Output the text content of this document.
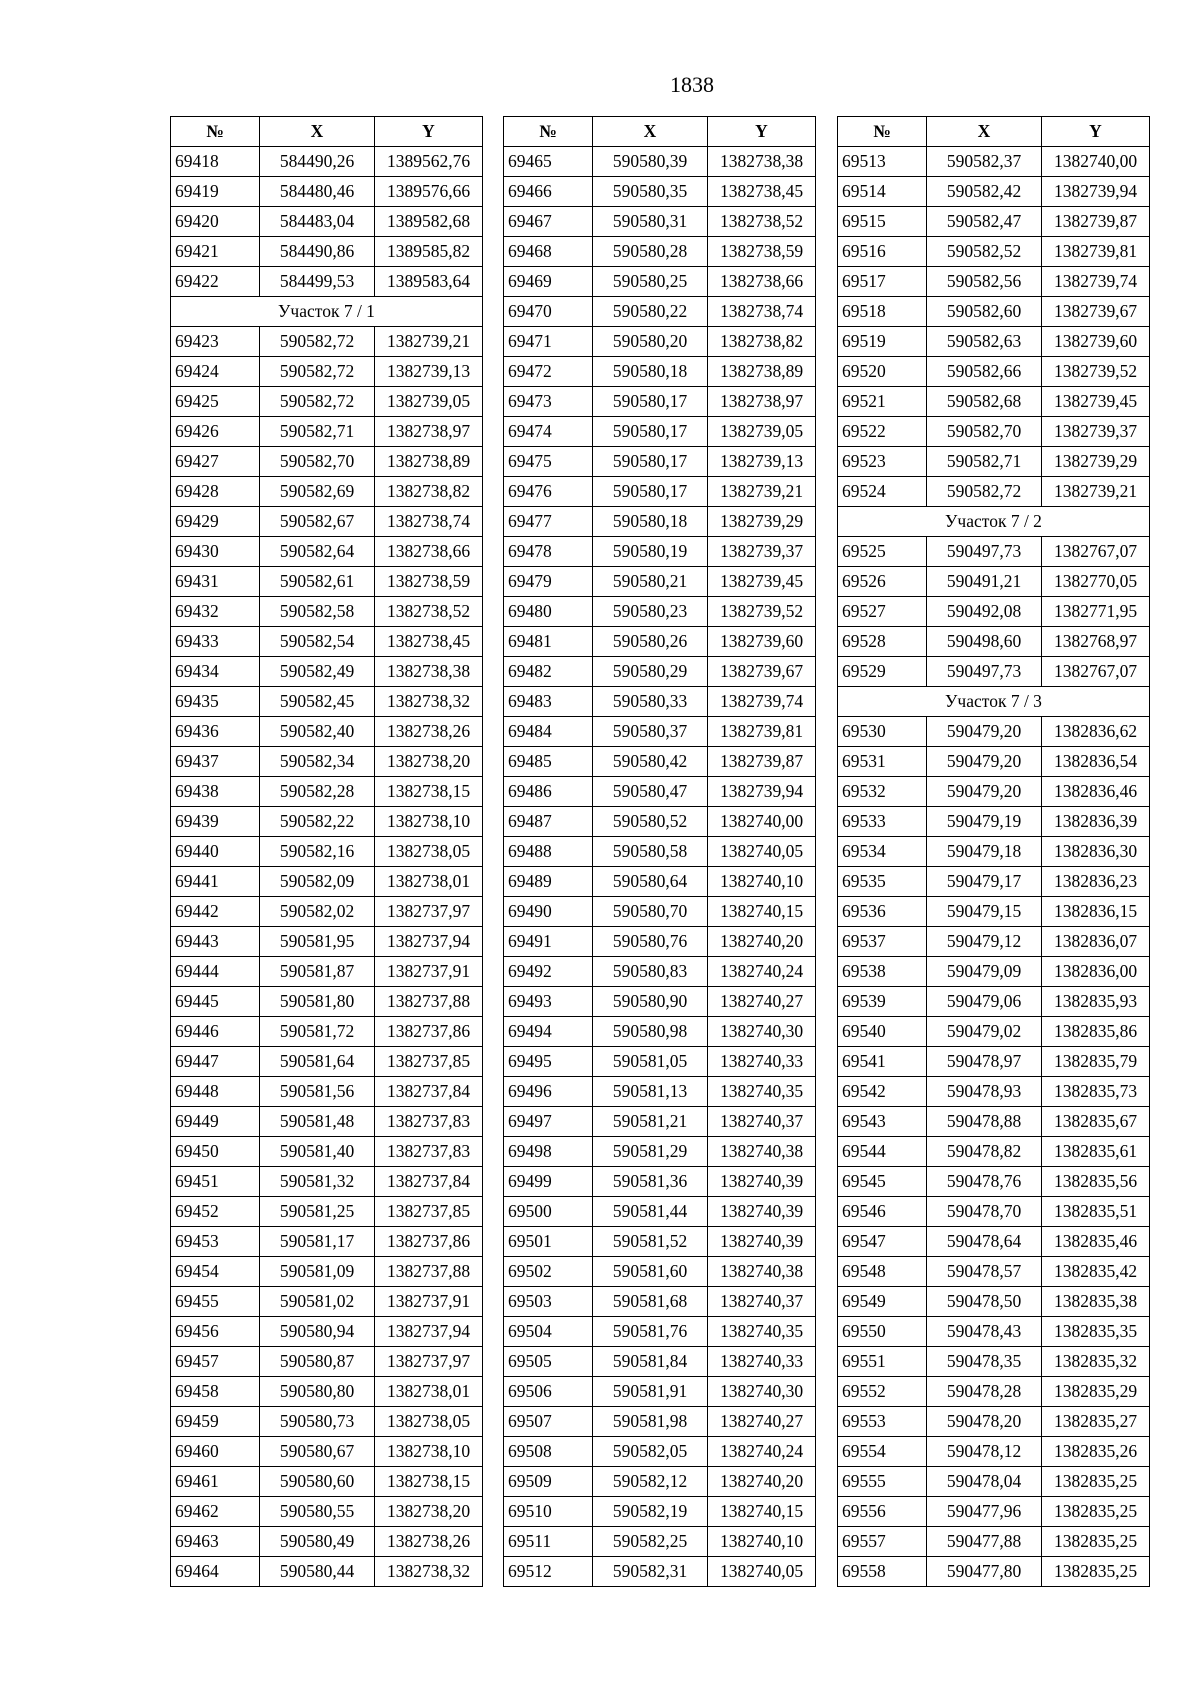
1838
№	X	Y
69418	584490,26	1389562,76
69419	584480,46	1389576,66
69420	584483,04	1389582,68
69421	584490,86	1389585,82
69422	584499,53	1389583,64
Участок 7 / 1		
69423	590582,72	1382739,21
69424	590582,72	1382739,13
69425	590582,72	1382739,05
69426	590582,71	1382738,97
69427	590582,70	1382738,89
69428	590582,69	1382738,82
69429	590582,67	1382738,74
69430	590582,64	1382738,66
69431	590582,61	1382738,59
69432	590582,58	1382738,52
69433	590582,54	1382738,45
69434	590582,49	1382738,38
69435	590582,45	1382738,32
69436	590582,40	1382738,26
69437	590582,34	1382738,20
69438	590582,28	1382738,15
69439	590582,22	1382738,10
69440	590582,16	1382738,05
69441	590582,09	1382738,01
69442	590582,02	1382737,97
69443	590581,95	1382737,94
69444	590581,87	1382737,91
69445	590581,80	1382737,88
69446	590581,72	1382737,86
69447	590581,64	1382737,85
69448	590581,56	1382737,84
69449	590581,48	1382737,83
69450	590581,40	1382737,83
69451	590581,32	1382737,84
69452	590581,25	1382737,85
69453	590581,17	1382737,86
69454	590581,09	1382737,88
69455	590581,02	1382737,91
69456	590580,94	1382737,94
69457	590580,87	1382737,97
69458	590580,80	1382738,01
69459	590580,73	1382738,05
69460	590580,67	1382738,10
69461	590580,60	1382738,15
69462	590580,55	1382738,20
69463	590580,49	1382738,26
69464	590580,44	1382738,32
№	X	Y
69465	590580,39	1382738,38
69466	590580,35	1382738,45
69467	590580,31	1382738,52
69468	590580,28	1382738,59
69469	590580,25	1382738,66
69470	590580,22	1382738,74
69471	590580,20	1382738,82
69472	590580,18	1382738,89
69473	590580,17	1382738,97
69474	590580,17	1382739,05
69475	590580,17	1382739,13
69476	590580,17	1382739,21
69477	590580,18	1382739,29
69478	590580,19	1382739,37
69479	590580,21	1382739,45
69480	590580,23	1382739,52
69481	590580,26	1382739,60
69482	590580,29	1382739,67
69483	590580,33	1382739,74
69484	590580,37	1382739,81
69485	590580,42	1382739,87
69486	590580,47	1382739,94
69487	590580,52	1382740,00
69488	590580,58	1382740,05
69489	590580,64	1382740,10
69490	590580,70	1382740,15
69491	590580,76	1382740,20
69492	590580,83	1382740,24
69493	590580,90	1382740,27
69494	590580,98	1382740,30
69495	590581,05	1382740,33
69496	590581,13	1382740,35
69497	590581,21	1382740,37
69498	590581,29	1382740,38
69499	590581,36	1382740,39
69500	590581,44	1382740,39
69501	590581,52	1382740,39
69502	590581,60	1382740,38
69503	590581,68	1382740,37
69504	590581,76	1382740,35
69505	590581,84	1382740,33
69506	590581,91	1382740,30
69507	590581,98	1382740,27
69508	590582,05	1382740,24
69509	590582,12	1382740,20
69510	590582,19	1382740,15
69511	590582,25	1382740,10
69512	590582,31	1382740,05
№	X	Y
69513	590582,37	1382740,00
69514	590582,42	1382739,94
69515	590582,47	1382739,87
69516	590582,52	1382739,81
69517	590582,56	1382739,74
69518	590582,60	1382739,67
69519	590582,63	1382739,60
69520	590582,66	1382739,52
69521	590582,68	1382739,45
69522	590582,70	1382739,37
69523	590582,71	1382739,29
69524	590582,72	1382739,21
Участок 7 / 2		
69525	590497,73	1382767,07
69526	590491,21	1382770,05
69527	590492,08	1382771,95
69528	590498,60	1382768,97
69529	590497,73	1382767,07
Участок 7 / 3		
69530	590479,20	1382836,62
69531	590479,20	1382836,54
69532	590479,20	1382836,46
69533	590479,19	1382836,39
69534	590479,18	1382836,30
69535	590479,17	1382836,23
69536	590479,15	1382836,15
69537	590479,12	1382836,07
69538	590479,09	1382836,00
69539	590479,06	1382835,93
69540	590479,02	1382835,86
69541	590478,97	1382835,79
69542	590478,93	1382835,73
69543	590478,88	1382835,67
69544	590478,82	1382835,61
69545	590478,76	1382835,56
69546	590478,70	1382835,51
69547	590478,64	1382835,46
69548	590478,57	1382835,42
69549	590478,50	1382835,38
69550	590478,43	1382835,35
69551	590478,35	1382835,32
69552	590478,28	1382835,29
69553	590478,20	1382835,27
69554	590478,12	1382835,26
69555	590478,04	1382835,25
69556	590477,96	1382835,25
69557	590477,88	1382835,25
69558	590477,80	1382835,25
